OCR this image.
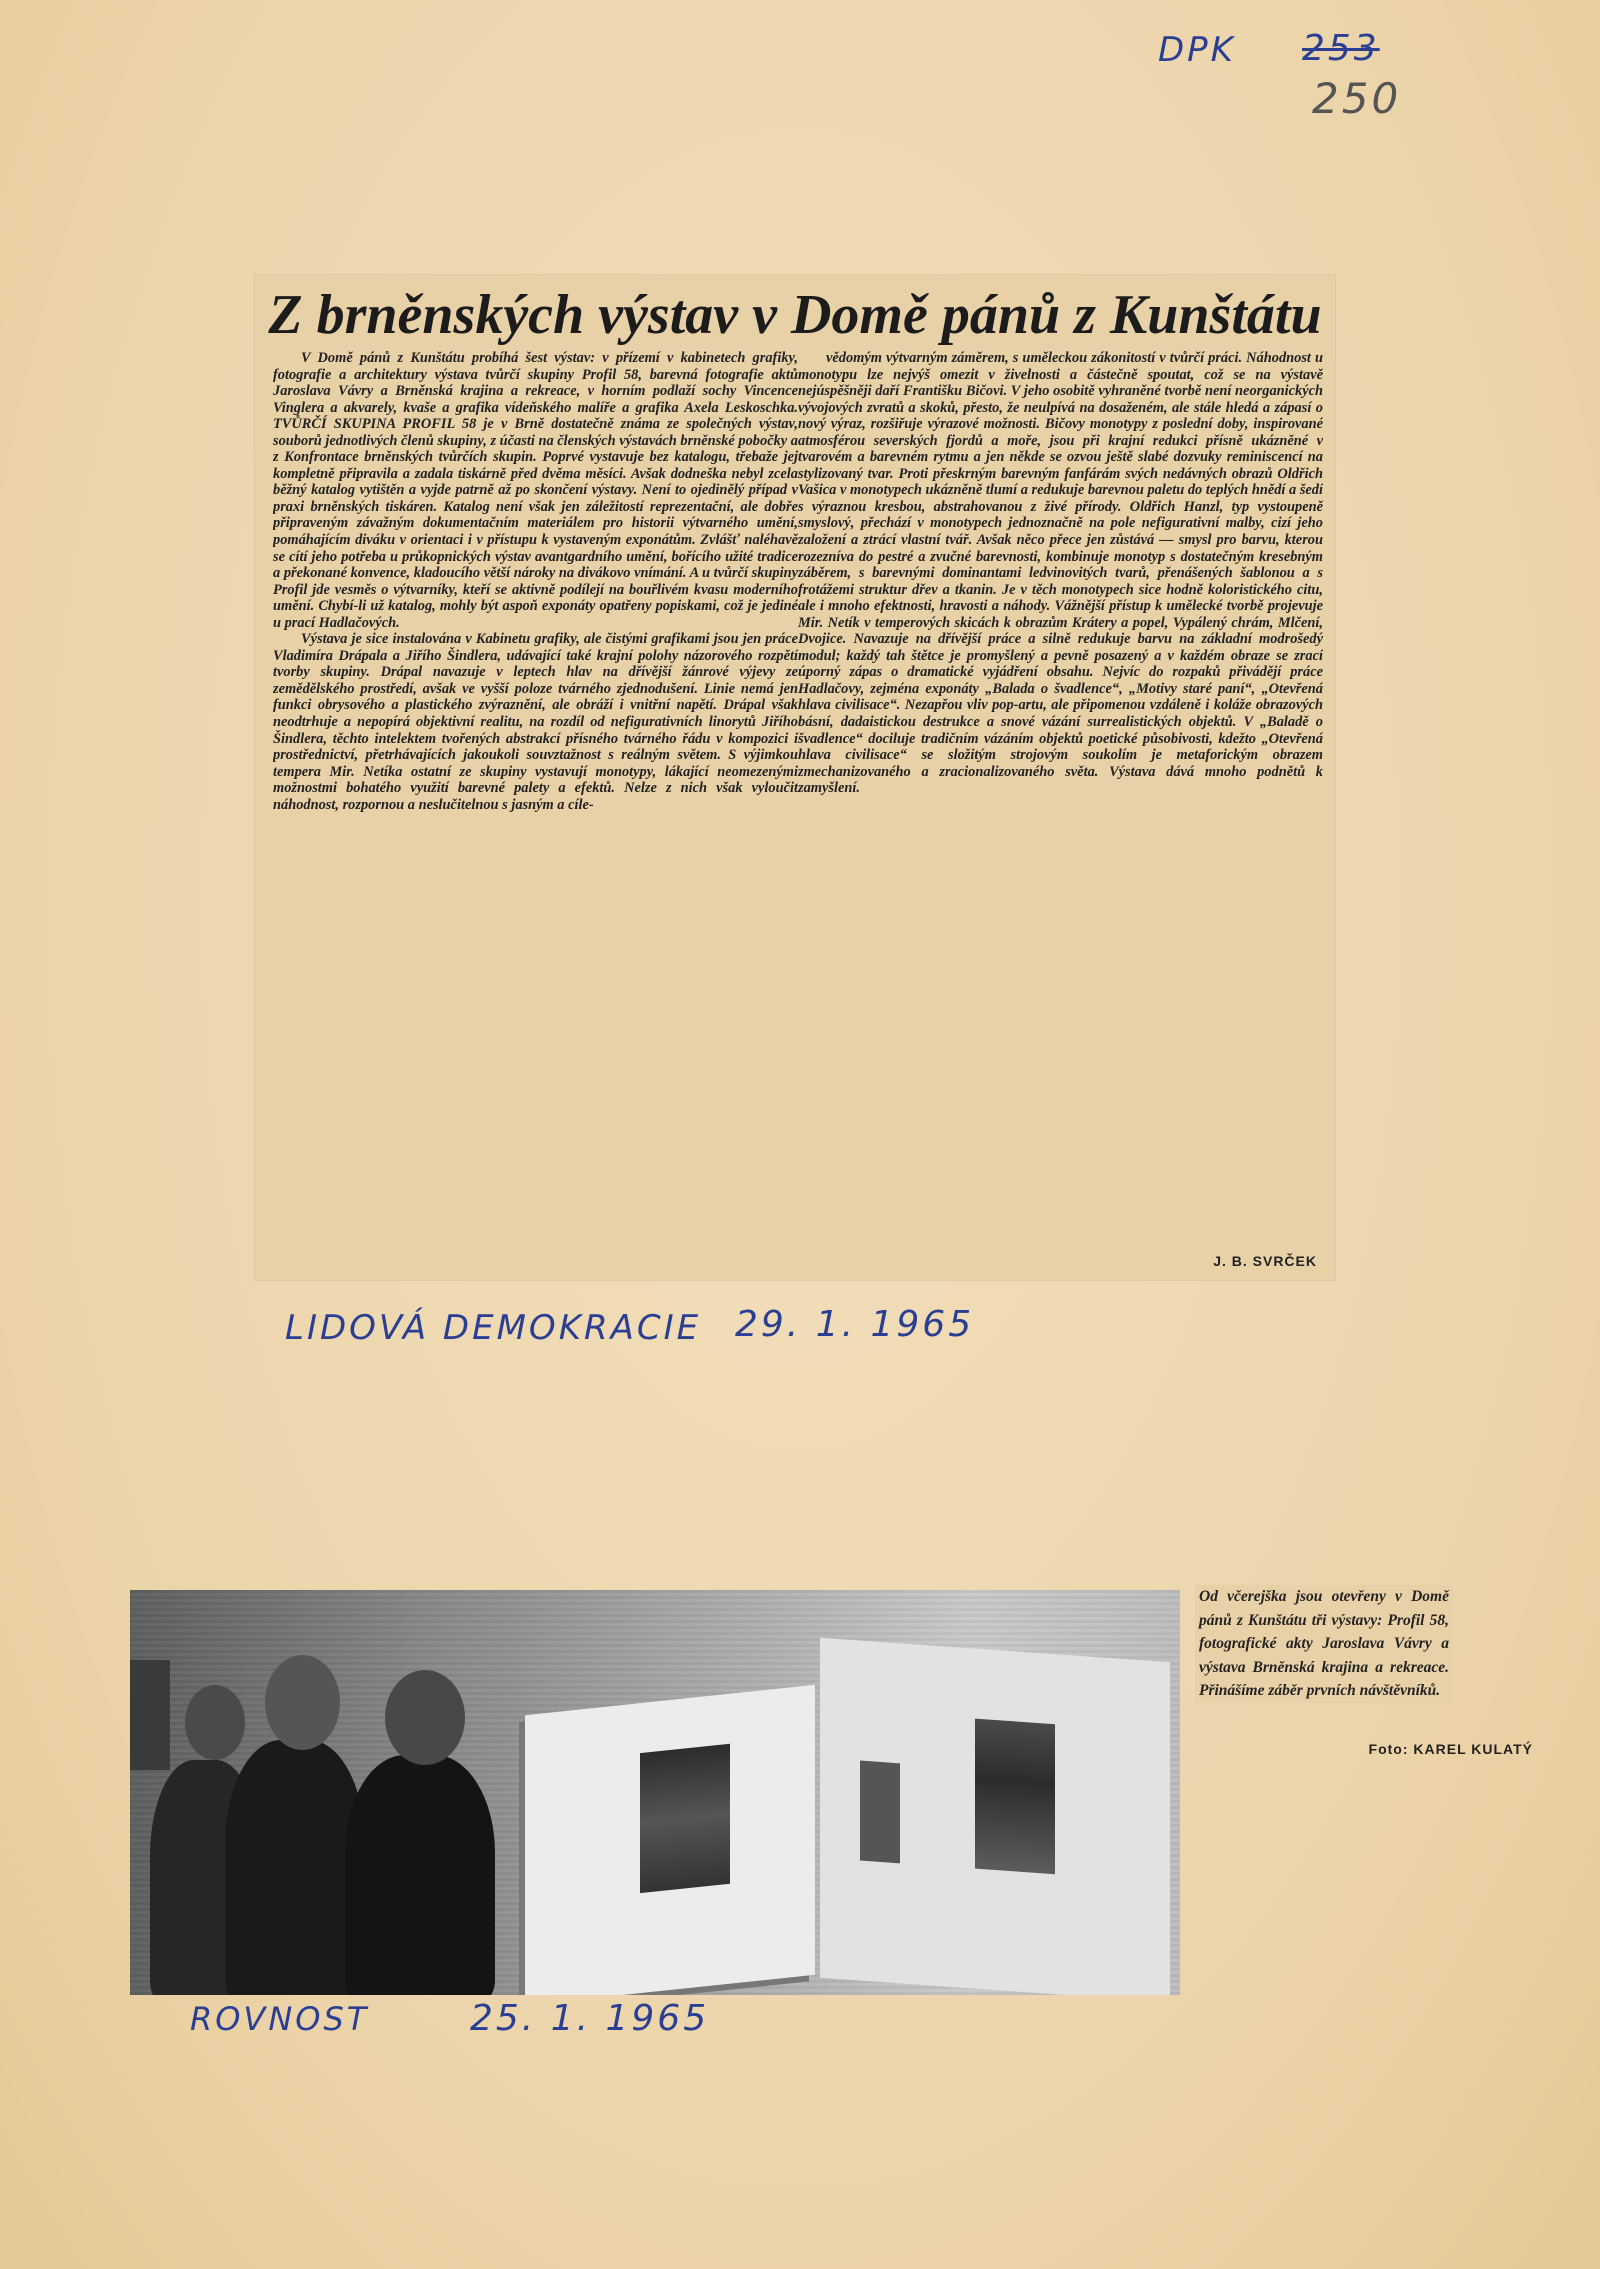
DPK 253
250
Z brněnských výstav v Domě pánů z Kunštátu

V Domě pánů z Kunštátu probíhá šest výstav: v přízemí v kabinetech grafiky, fotografie a architektury výstava tvůrčí skupiny Profil 58, barevná fotografie aktů Jaroslava Vávry a Brněnská krajina a rekreace, v horním podlaží sochy Vincence Vinglera a akvarely, kvaše a grafika vídeňského malíře a grafika Axela Leskoschka. TVŮRČÍ SKUPINA PROFIL 58 je v Brně dostatečně známa ze společných výstav, souborů jednotlivých členů skupiny, z účasti na členských výstavách brněnské pobočky a z Konfrontace brněnských tvůrčích skupin. Poprvé vystavuje bez katalogu, třebaže jej kompletně připravila a zadala tiskárně před dvěma měsíci. Avšak dodneška nebyl zcela běžný katalog vytištěn a vyjde patrně až po skončení výstavy. Není to ojedinělý případ v praxi brněnských tiskáren. Katalog není však jen záležitostí reprezentační, ale dobře připraveným závažným dokumentačním materiálem pro historii výtvarného umění, pomáhajícím diváku v orientaci i v přístupu k vystaveným exponátům. Zvlášť naléhavě se cítí jeho potřeba u průkopnických výstav avantgardního umění, bořícího užité tradice a překonané konvence, kladoucího větší nároky na divákovo vnímání. A u tvůrčí skupiny Profil jde vesměs o výtvarníky, kteří se aktivně podílejí na bouřlivém kvasu moderního umění. Chybí-li už katalog, mohly být aspoň exponáty opatřeny popiskami, což je jediné u prací Hadlačových.

Výstava je sice instalována v Kabinetu grafiky, ale čistými grafikami jsou jen práce Vladimíra Drápala a Jiřího Šindlera, udávající také krajní polohy názorového rozpětí tvorby skupiny. Drápal navazuje v leptech hlav na dřívější žánrové výjevy ze zemědělského prostředí, avšak ve vyšší poloze tvárného zjednodušení. Linie nemá jen funkci obrysového a plastického zvýraznění, ale obráží i vnitřní napětí. Drápal však neodtrhuje a nepopírá objektivní realitu, na rozdíl od nefigurativních linorytů Jiřího Šindlera, těchto intelektem tvořených abstrakcí přísného tvárného řádu v kompozici i prostřednictví, přetrhávajících jakoukoli souvztažnost s reálným světem. S výjimkou tempera Mir. Netíka ostatní ze skupiny vystavují monotypy, lákající neomezenými možnostmi bohatého využití barevné palety a efektů. Nelze z nich však vyloučit náhodnost, rozpornou a neslučitelnou s jasným a cíle-

vědomým výtvarným záměrem, s uměleckou zákonitostí v tvůrčí práci. Náhodnost u monotypu lze nejvýš omezit v živelnosti a částečně spoutat, což se na výstavě nejúspěšněji daří Františku Bičovi. V jeho osobitě vyhraněné tvorbě není neorganických vývojových zvratů a skoků, přesto, že neulpívá na dosaženém, ale stále hledá a zápasí o nový výraz, rozšiřuje výrazové možnosti. Bičovy monotypy z poslední doby, inspirované atmosférou severských fjordů a moře, jsou při krajní redukci přísně ukázněné v tvarovém a barevném rytmu a jen někde se ozvou ještě slabé dozvuky reminiscencí na stylizovaný tvar. Proti přeskrným barevným fanfárám svých nedávných obrazů Oldřich Vašica v monotypech ukázněně tlumí a redukuje barevnou paletu do teplých hnědí a šedí s výraznou kresbou, abstrahovanou z živé přírody. Oldřich Hanzl, typ vystoupeně smyslový, přechází v monotypech jednoznačně na pole nefigurativní malby, cizí jeho založení a ztrácí vlastní tvář. Avšak něco přece jen zůstává — smysl pro barvu, kterou rozezníva do pestré a zvučné barevnosti, kombinuje monotyp s dostatečným kresebným záběrem, s barevnými dominantami ledvinovitých tvarů, přenášených šablonou a s frotážemi struktur dřev a tkanin. Je v těch monotypech sice hodně koloristického citu, ale i mnoho efektnosti, hravosti a náhody. Vážnější přístup k umělecké tvorbě projevuje Mir. Netík v temperových skicách k obrazům Krátery a popel, Vypálený chrám, Mlčení, Dvojice. Navazuje na dřívější práce a silně redukuje barvu na základní modrošedý modul; každý tah štětce je promyšlený a pevně posazený a v každém obraze se zrací úporný zápas o dramatické vyjádření obsahu. Nejvíc do rozpaků přivádějí práce Hadlačovy, zejména exponáty „Balada o švadlence“, „Motivy staré paní“, „Otevřená hlava civilisace“. Nezapřou vliv pop-artu, ale připomenou vzdáleně i koláže obrazových básní, dadaistickou destrukce a snové vázání surrealistických objektů. V „Baladě o švadlence“ dociluje tradičním vázáním objektů poetické působivosti, kdežto „Otevřená hlava civilisace“ se složitým strojovým soukolím je metaforickým obrazem zmechanizovaného a zracionalizovaného světa. Výstava dává mnoho podnětů k zamyšlení.

J. B. SVRČEK
LIDOVÁ DEMOKRACIE 29. 1. 1965

Od včerejška jsou otevřeny v Domě pánů z Kunštátu tři výstavy: Profil 58, fotografické akty Jaroslava Vávry a výstava Brněnská krajina a rekreace. Přinášíme záběr prvních návštěvníků.

Foto: KAREL KULATÝ
ROVNOST	25. 1. 1965
